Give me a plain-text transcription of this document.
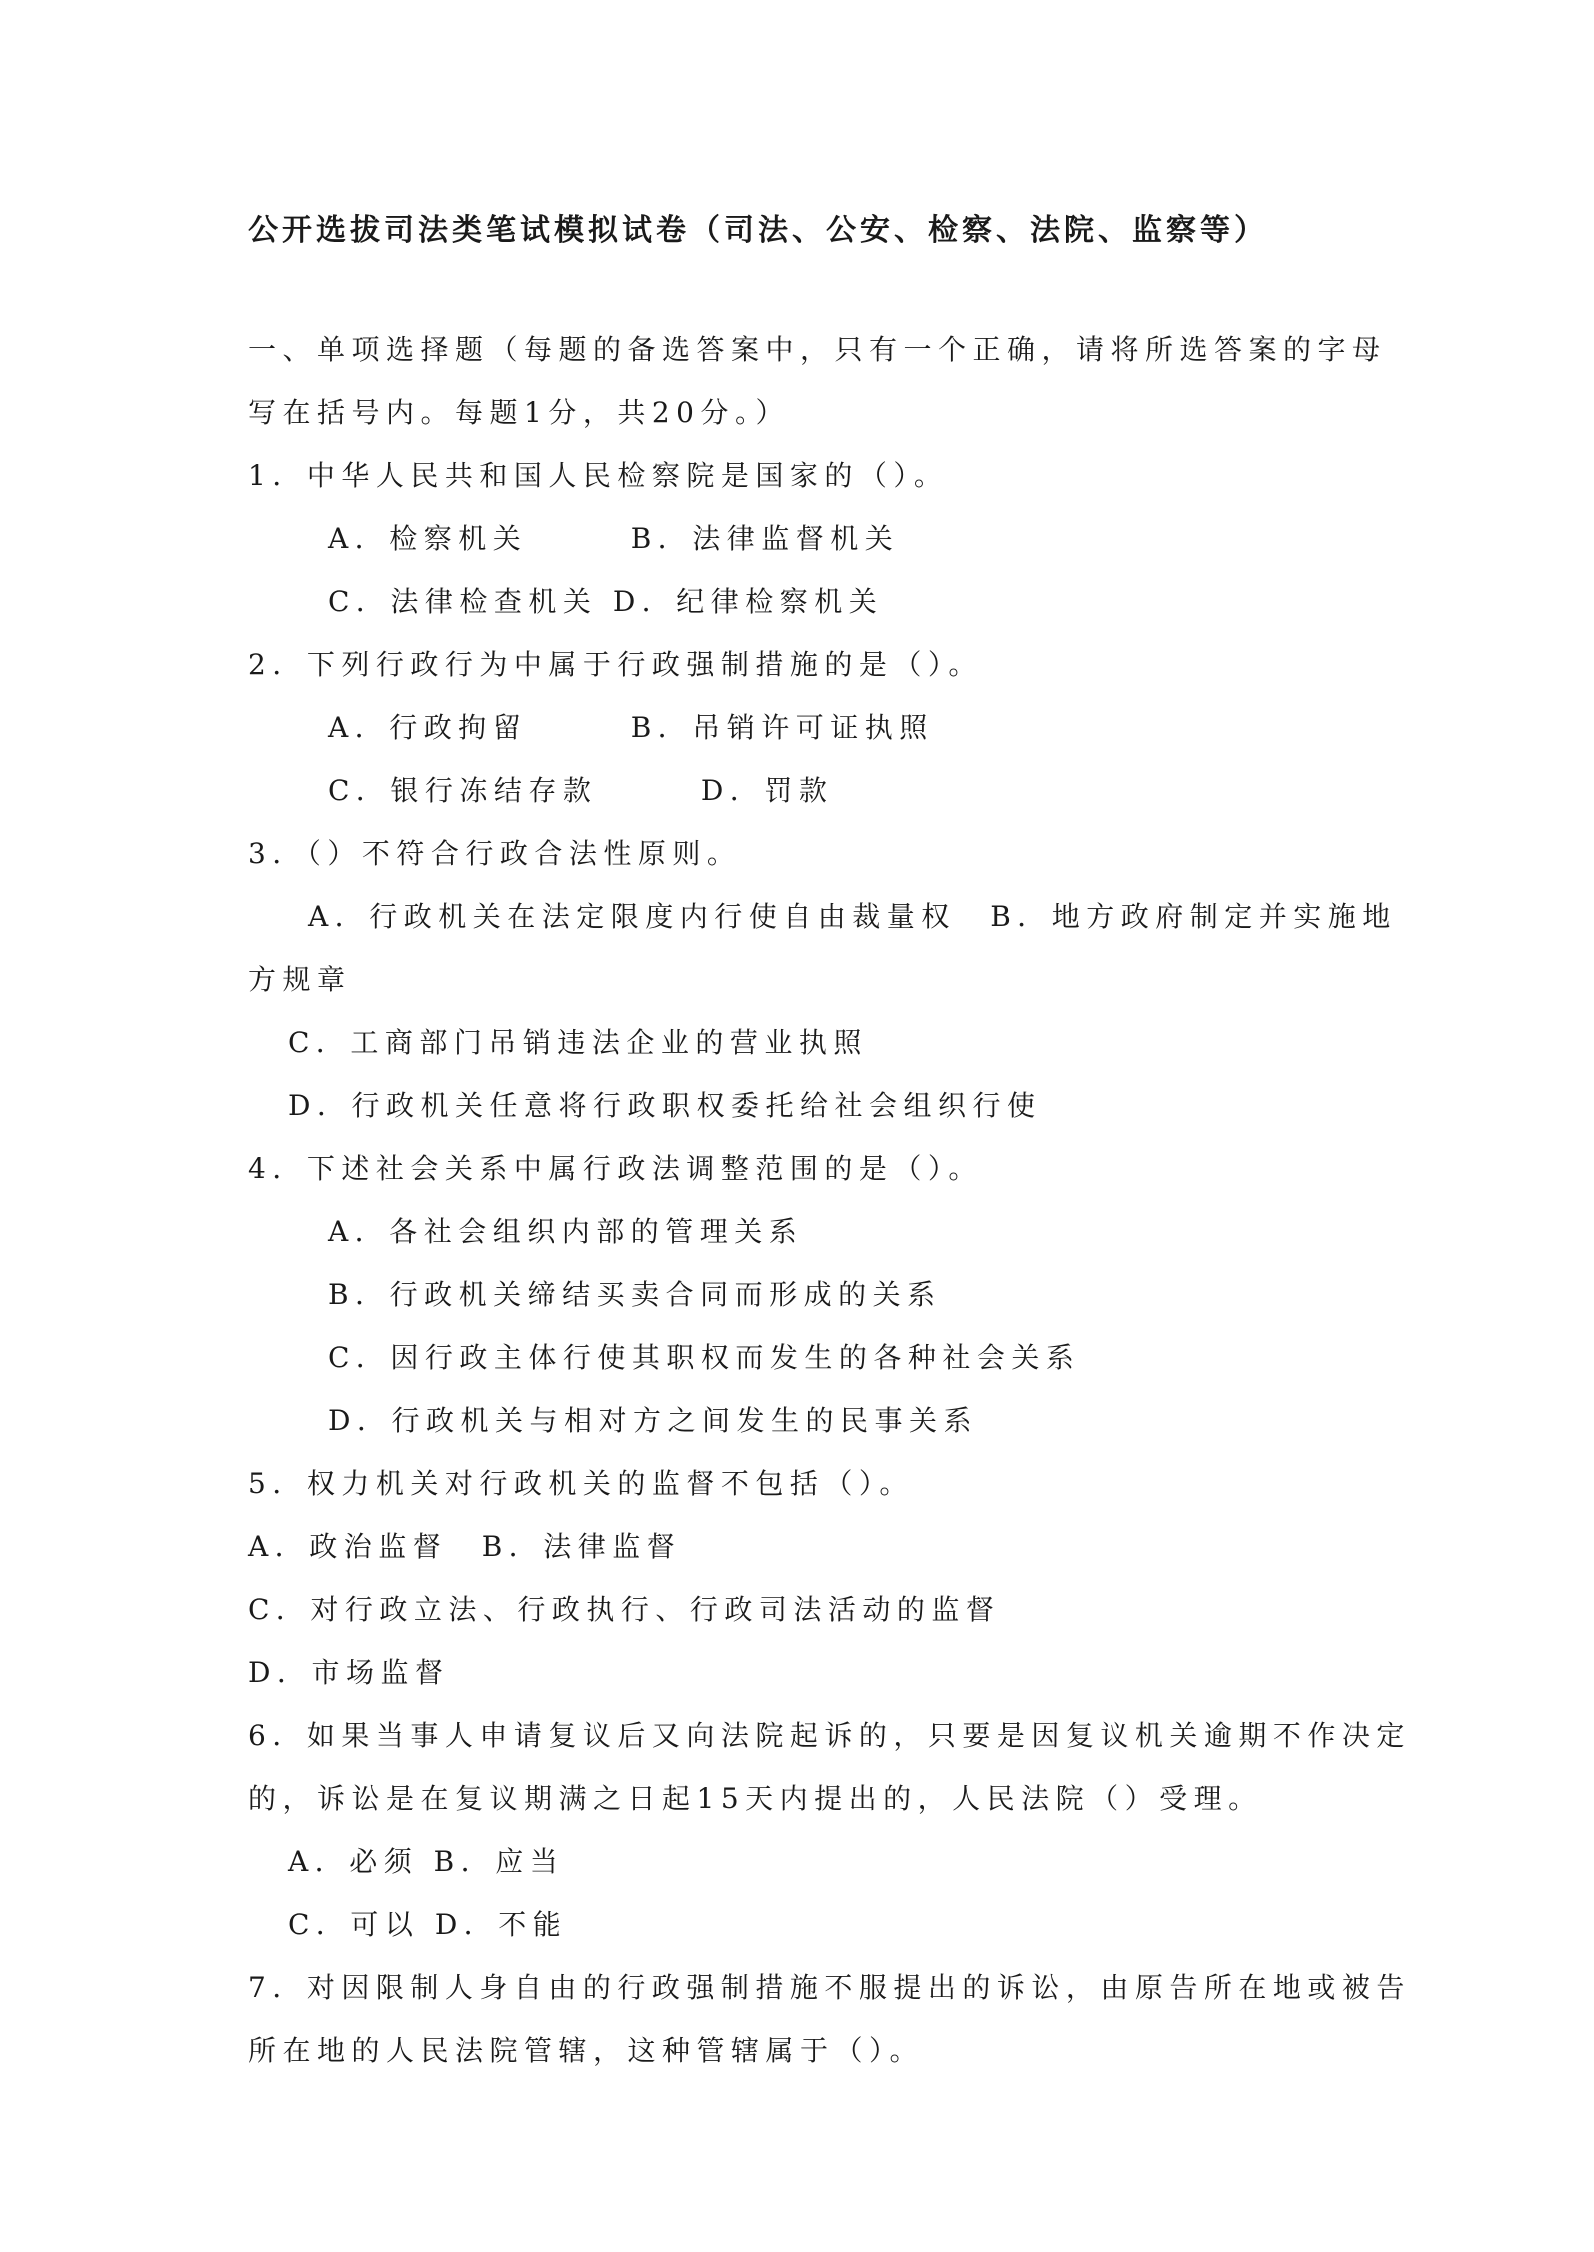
公开选拔司法类笔试模拟试卷（司法、公安、检察、法院、监察等）
一、单项选择题（每题的备选答案中，只有一个正确，请将所选答案的字母
写在括号内。每题1分，共20分。）
1．中华人民共和国人民检察院是国家的（）。
A．检察机关　　　B．法律监督机关
C．法律检查机关 D．纪律检察机关
2．下列行政行为中属于行政强制措施的是（）。
A．行政拘留　　　B．吊销许可证执照
C．银行冻结存款　　　D．罚款
3．（）不符合行政合法性原则。
A．行政机关在法定限度内行使自由裁量权　B．地方政府制定并实施地
方规章
C．工商部门吊销违法企业的营业执照
D．行政机关任意将行政职权委托给社会组织行使
4．下述社会关系中属行政法调整范围的是（）。
A．各社会组织内部的管理关系
B．行政机关缔结买卖合同而形成的关系
C．因行政主体行使其职权而发生的各种社会关系
D．行政机关与相对方之间发生的民事关系
5．权力机关对行政机关的监督不包括（）。
A．政治监督　B．法律监督
C．对行政立法、行政执行、行政司法活动的监督
D．市场监督
6．如果当事人申请复议后又向法院起诉的，只要是因复议机关逾期不作决定
的，诉讼是在复议期满之日起15天内提出的，人民法院（）受理。
A．必须 B．应当
C．可以 D．不能
7．对因限制人身自由的行政强制措施不服提出的诉讼，由原告所在地或被告
所在地的人民法院管辖，这种管辖属于（）。
